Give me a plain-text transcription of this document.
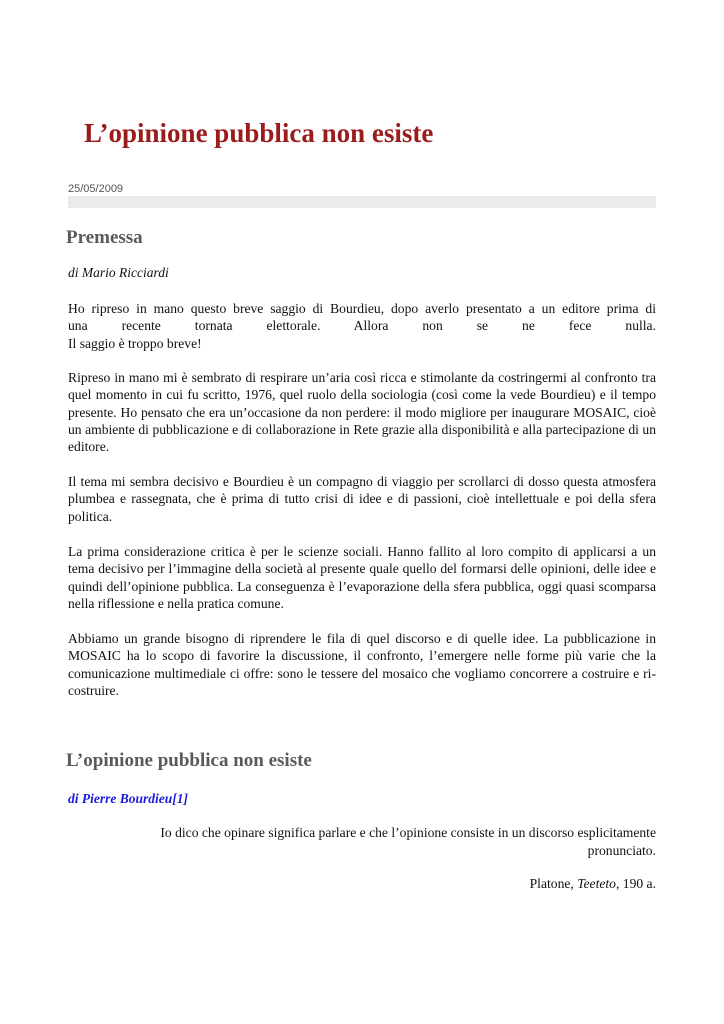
L’opinione pubblica non esiste

25/05/2009

.
Premessa

di Mario Ricciardi

Ho ripreso in mano questo breve saggio di Bourdieu, dopo averlo presentato a un editore prima di
una recente tornata elettorale. Allora non se ne fece nulla.
Il saggio è troppo breve!

Ripreso in mano mi è sembrato di respirare un’aria così ricca e stimolante da costringermi al confronto tra quel momento in cui fu scritto, 1976, quel ruolo della sociologia (così come la vede Bourdieu) e il tempo presente. Ho pensato che era un’occasione da non perdere: il modo migliore per inaugurare MOSAIC, cioè un ambiente di pubblicazione e di collaborazione in Rete grazie alla disponibilità e alla partecipazione di un editore.

Il tema mi sembra decisivo e Bourdieu è un compagno di viaggio per scrollarci di dosso questa atmosfera plumbea e rassegnata, che è prima di tutto crisi di idee e di passioni, cioè intellettuale e poi della sfera politica.

La prima considerazione critica è per le scienze sociali. Hanno fallito al loro compito di applicarsi a un tema decisivo per l’immagine della società al presente quale quello del formarsi delle opinioni, delle idee e quindi dell’opinione pubblica. La conseguenza è l’evaporazione della sfera pubblica, oggi quasi scomparsa nella riflessione e nella pratica comune.

Abbiamo un grande bisogno di riprendere le fila di quel discorso e di quelle idee. La pubblicazione in MOSAIC ha lo scopo di favorire la discussione, il confronto, l’emergere nelle forme più varie che la comunicazione multimediale ci offre: sono le tessere del mosaico che vogliamo concorrere a costruire e ri-costruire.

L’opinione pubblica non esiste
di Pierre Bourdieu[1]

Io dico che opinare significa parlare e che l’opinione consiste in un discorso esplicitamente pronunciato.

Platone, Teeteto, 190 a.
